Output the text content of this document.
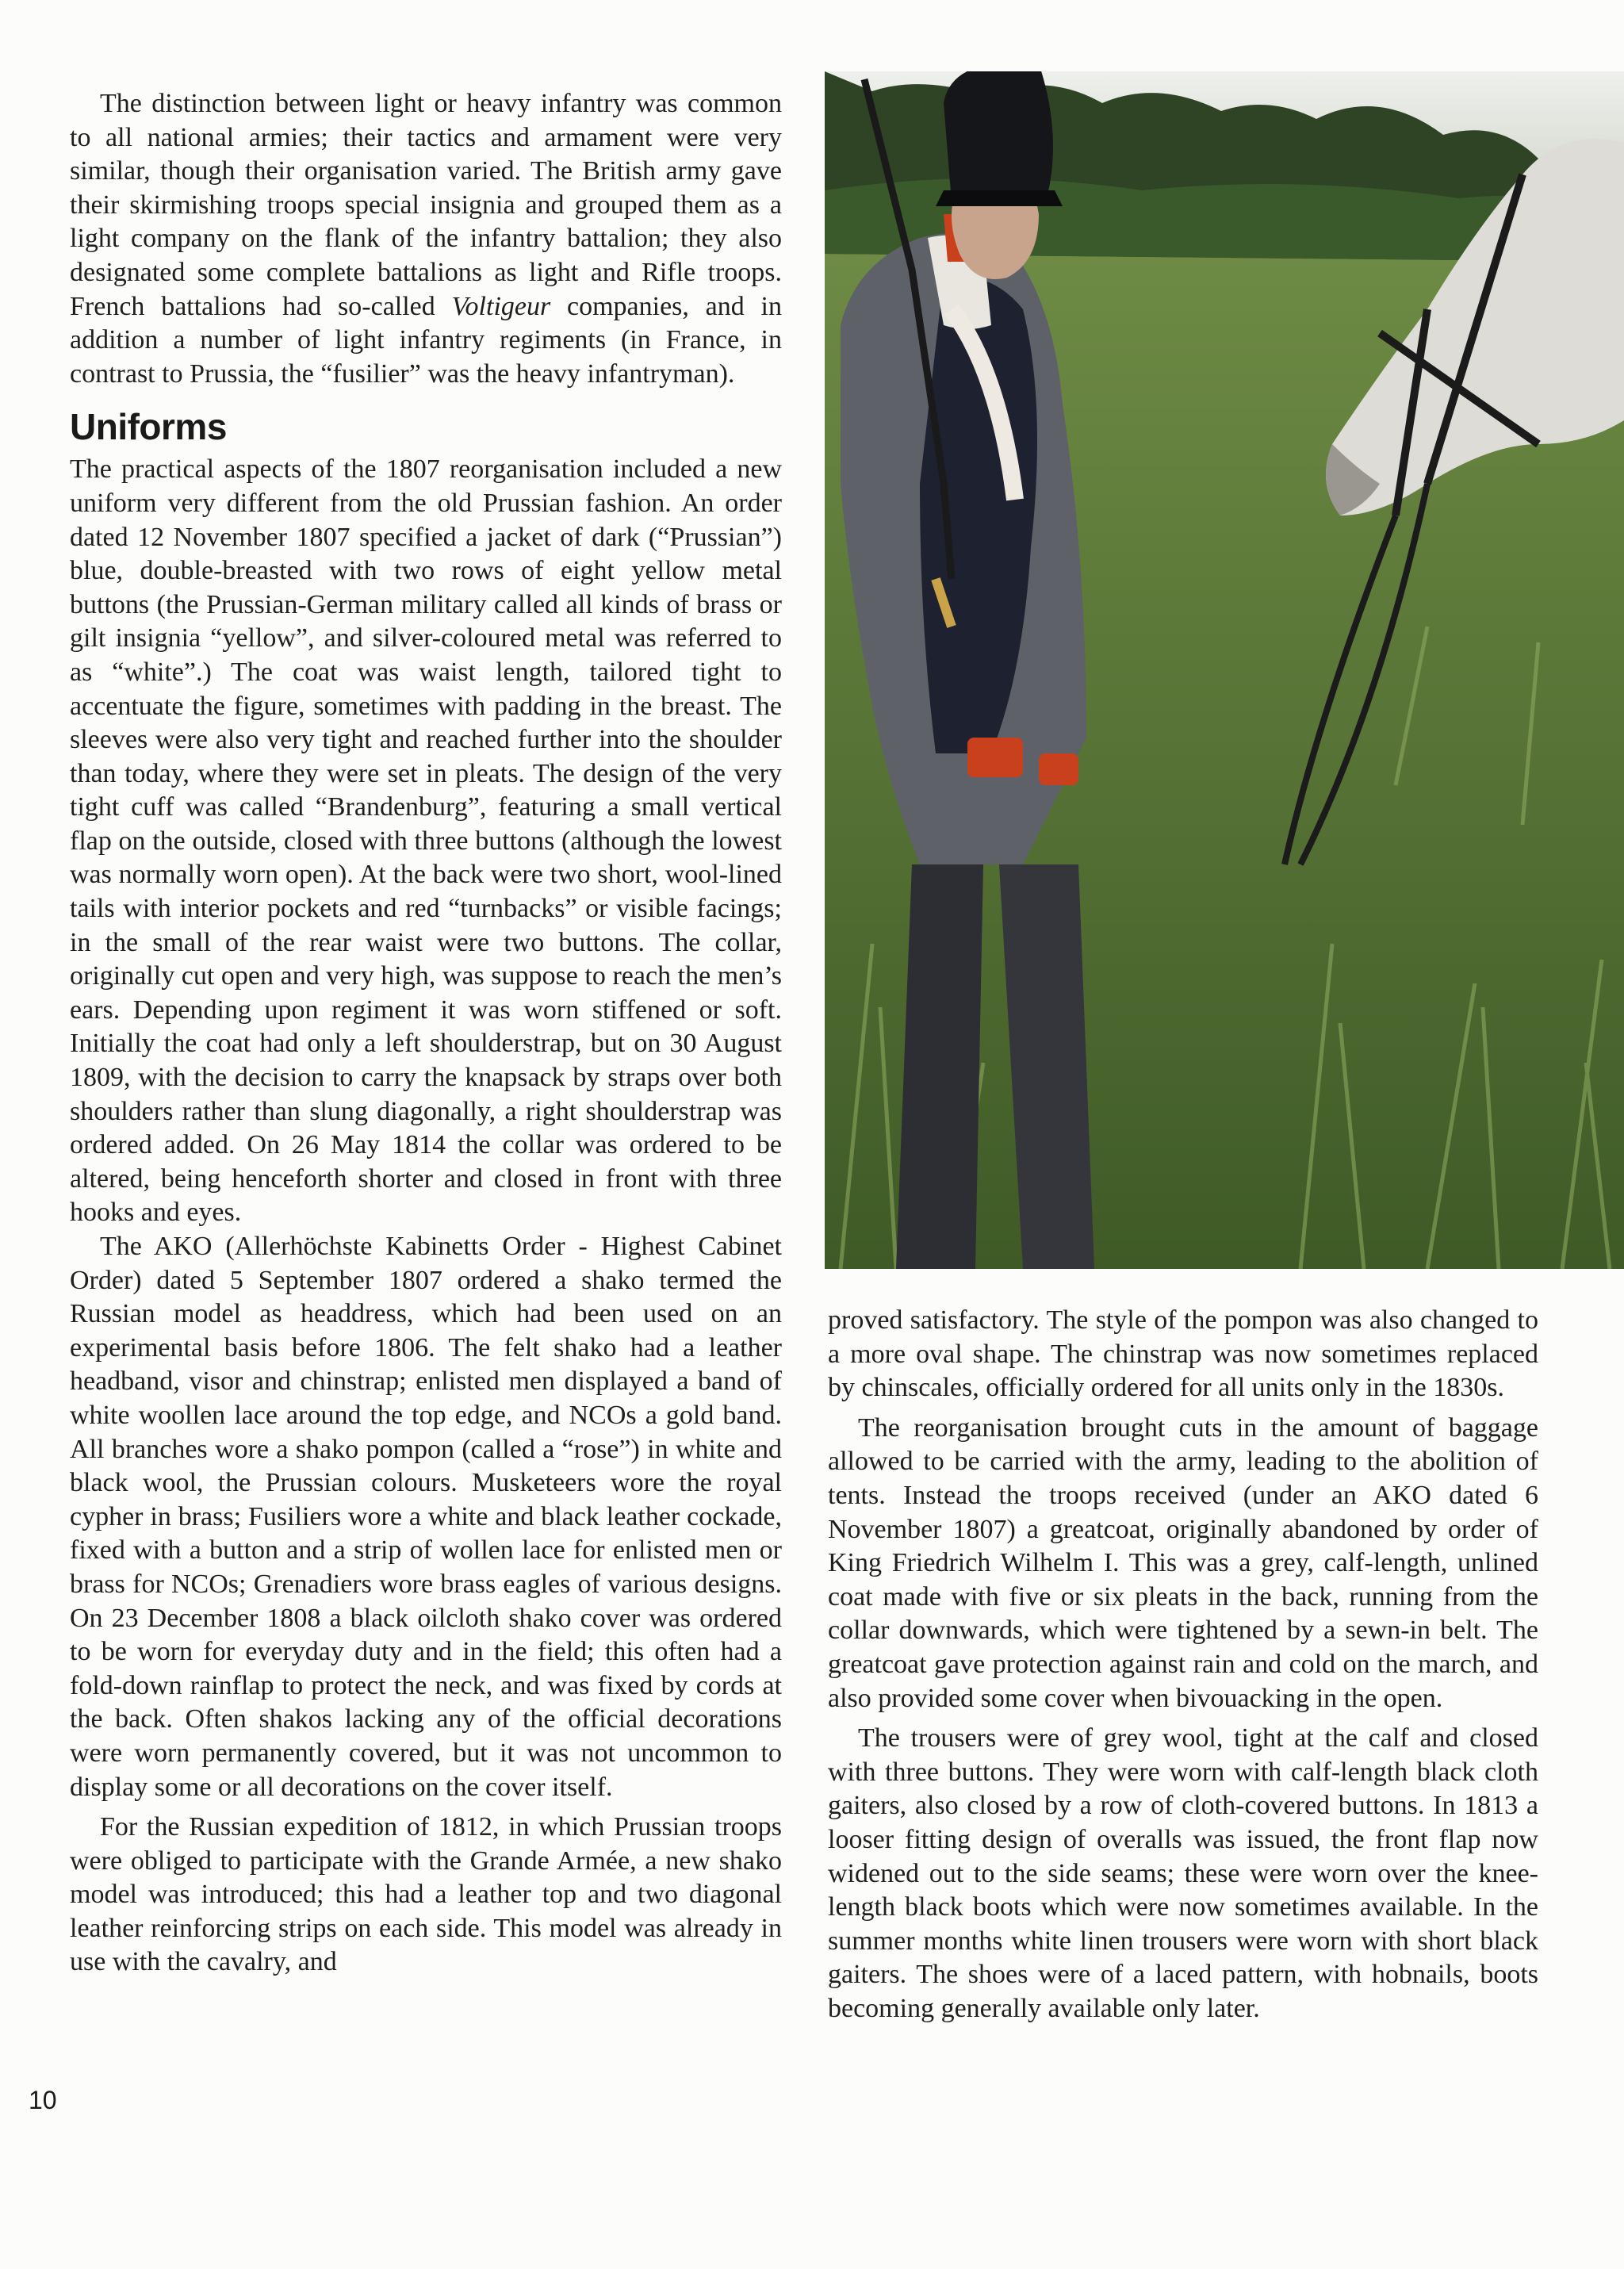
The distinction between light or heavy infantry was common to all national armies; their tactics and armament were very similar, though their organisation varied. The British army gave their skirmishing troops special insignia and grouped them as a light company on the flank of the infantry battalion; they also designated some complete battalions as light and Rifle troops. French battalions had so-called Voltigeur companies, and in addition a number of light infantry regiments (in France, in contrast to Prussia, the “fusilier” was the heavy infantryman).

Uniforms

The practical aspects of the 1807 reorganisation included a new uniform very different from the old Prussian fashion. An order dated 12 November 1807 specified a jacket of dark (“Prussian”) blue, double-breasted with two rows of eight yellow metal buttons (the Prussian-German military called all kinds of brass or gilt insignia “yellow”, and silver-coloured metal was referred to as “white”.) The coat was waist length, tailored tight to accentuate the figure, sometimes with padding in the breast. The sleeves were also very tight and reached further into the shoulder than today, where they were set in pleats. The design of the very tight cuff was called “Brandenburg”, featuring a small vertical flap on the outside, closed with three buttons (although the lowest was normally worn open). At the back were two short, wool-lined tails with interior pockets and red “turnbacks” or visible facings; in the small of the rear waist were two buttons. The collar, originally cut open and very high, was suppose to reach the men’s ears. Depending upon regiment it was worn stiffened or soft. Initially the coat had only a left shoulderstrap, but on 30 August 1809, with the decision to carry the knapsack by straps over both shoulders rather than slung diagonally, a right shoulderstrap was ordered added. On 26 May 1814 the collar was ordered to be altered, being henceforth shorter and closed in front with three hooks and eyes.

The AKO (Allerhöchste Kabinetts Order - Highest Cabinet Order) dated 5 September 1807 ordered a shako termed the Russian model as headdress, which had been used on an experimental basis before 1806. The felt shako had a leather headband, visor and chinstrap; enlisted men displayed a band of white woollen lace around the top edge, and NCOs a gold band. All branches wore a shako pompon (called a “rose”) in white and black wool, the Prussian colours. Musketeers wore the royal cypher in brass; Fusiliers wore a white and black leather cockade, fixed with a button and a strip of wollen lace for enlisted men or brass for NCOs; Grenadiers wore brass eagles of various designs. On 23 December 1808 a black oilcloth shako cover was ordered to be worn for everyday duty and in the field; this often had a fold-down rainflap to protect the neck, and was fixed by cords at the back. Often shakos lacking any of the official decorations were worn permanently covered, but it was not uncommon to display some or all decorations on the cover itself.

For the Russian expedition of 1812, in which Prussian troops were obliged to participate with the Grande Armée, a new shako model was introduced; this had a leather top and two diagonal leather reinforcing strips on each side. This model was already in use with the cavalry, and

10

proved satisfactory. The style of the pompon was also changed to a more oval shape. The chinstrap was now sometimes replaced by chinscales, officially ordered for all units only in the 1830s.

The reorganisation brought cuts in the amount of baggage allowed to be carried with the army, leading to the abolition of tents. Instead the troops received (under an AKO dated 6 November 1807) a greatcoat, originally abandoned by order of King Friedrich Wilhelm I. This was a grey, calf-length, unlined coat made with five or six pleats in the back, running from the collar downwards, which were tightened by a sewn-in belt. The greatcoat gave protection against rain and cold on the march, and also provided some cover when bivouacking in the open.

The trousers were of grey wool, tight at the calf and closed with three buttons. They were worn with calf-length black cloth gaiters, also closed by a row of cloth-covered buttons. In 1813 a looser fitting design of overalls was issued, the front flap now widened out to the side seams; these were worn over the knee-length black boots which were now sometimes available. In the summer months white linen trousers were worn with short black gaiters. The shoes were of a laced pattern, with hobnails, boots becoming generally available only later.
